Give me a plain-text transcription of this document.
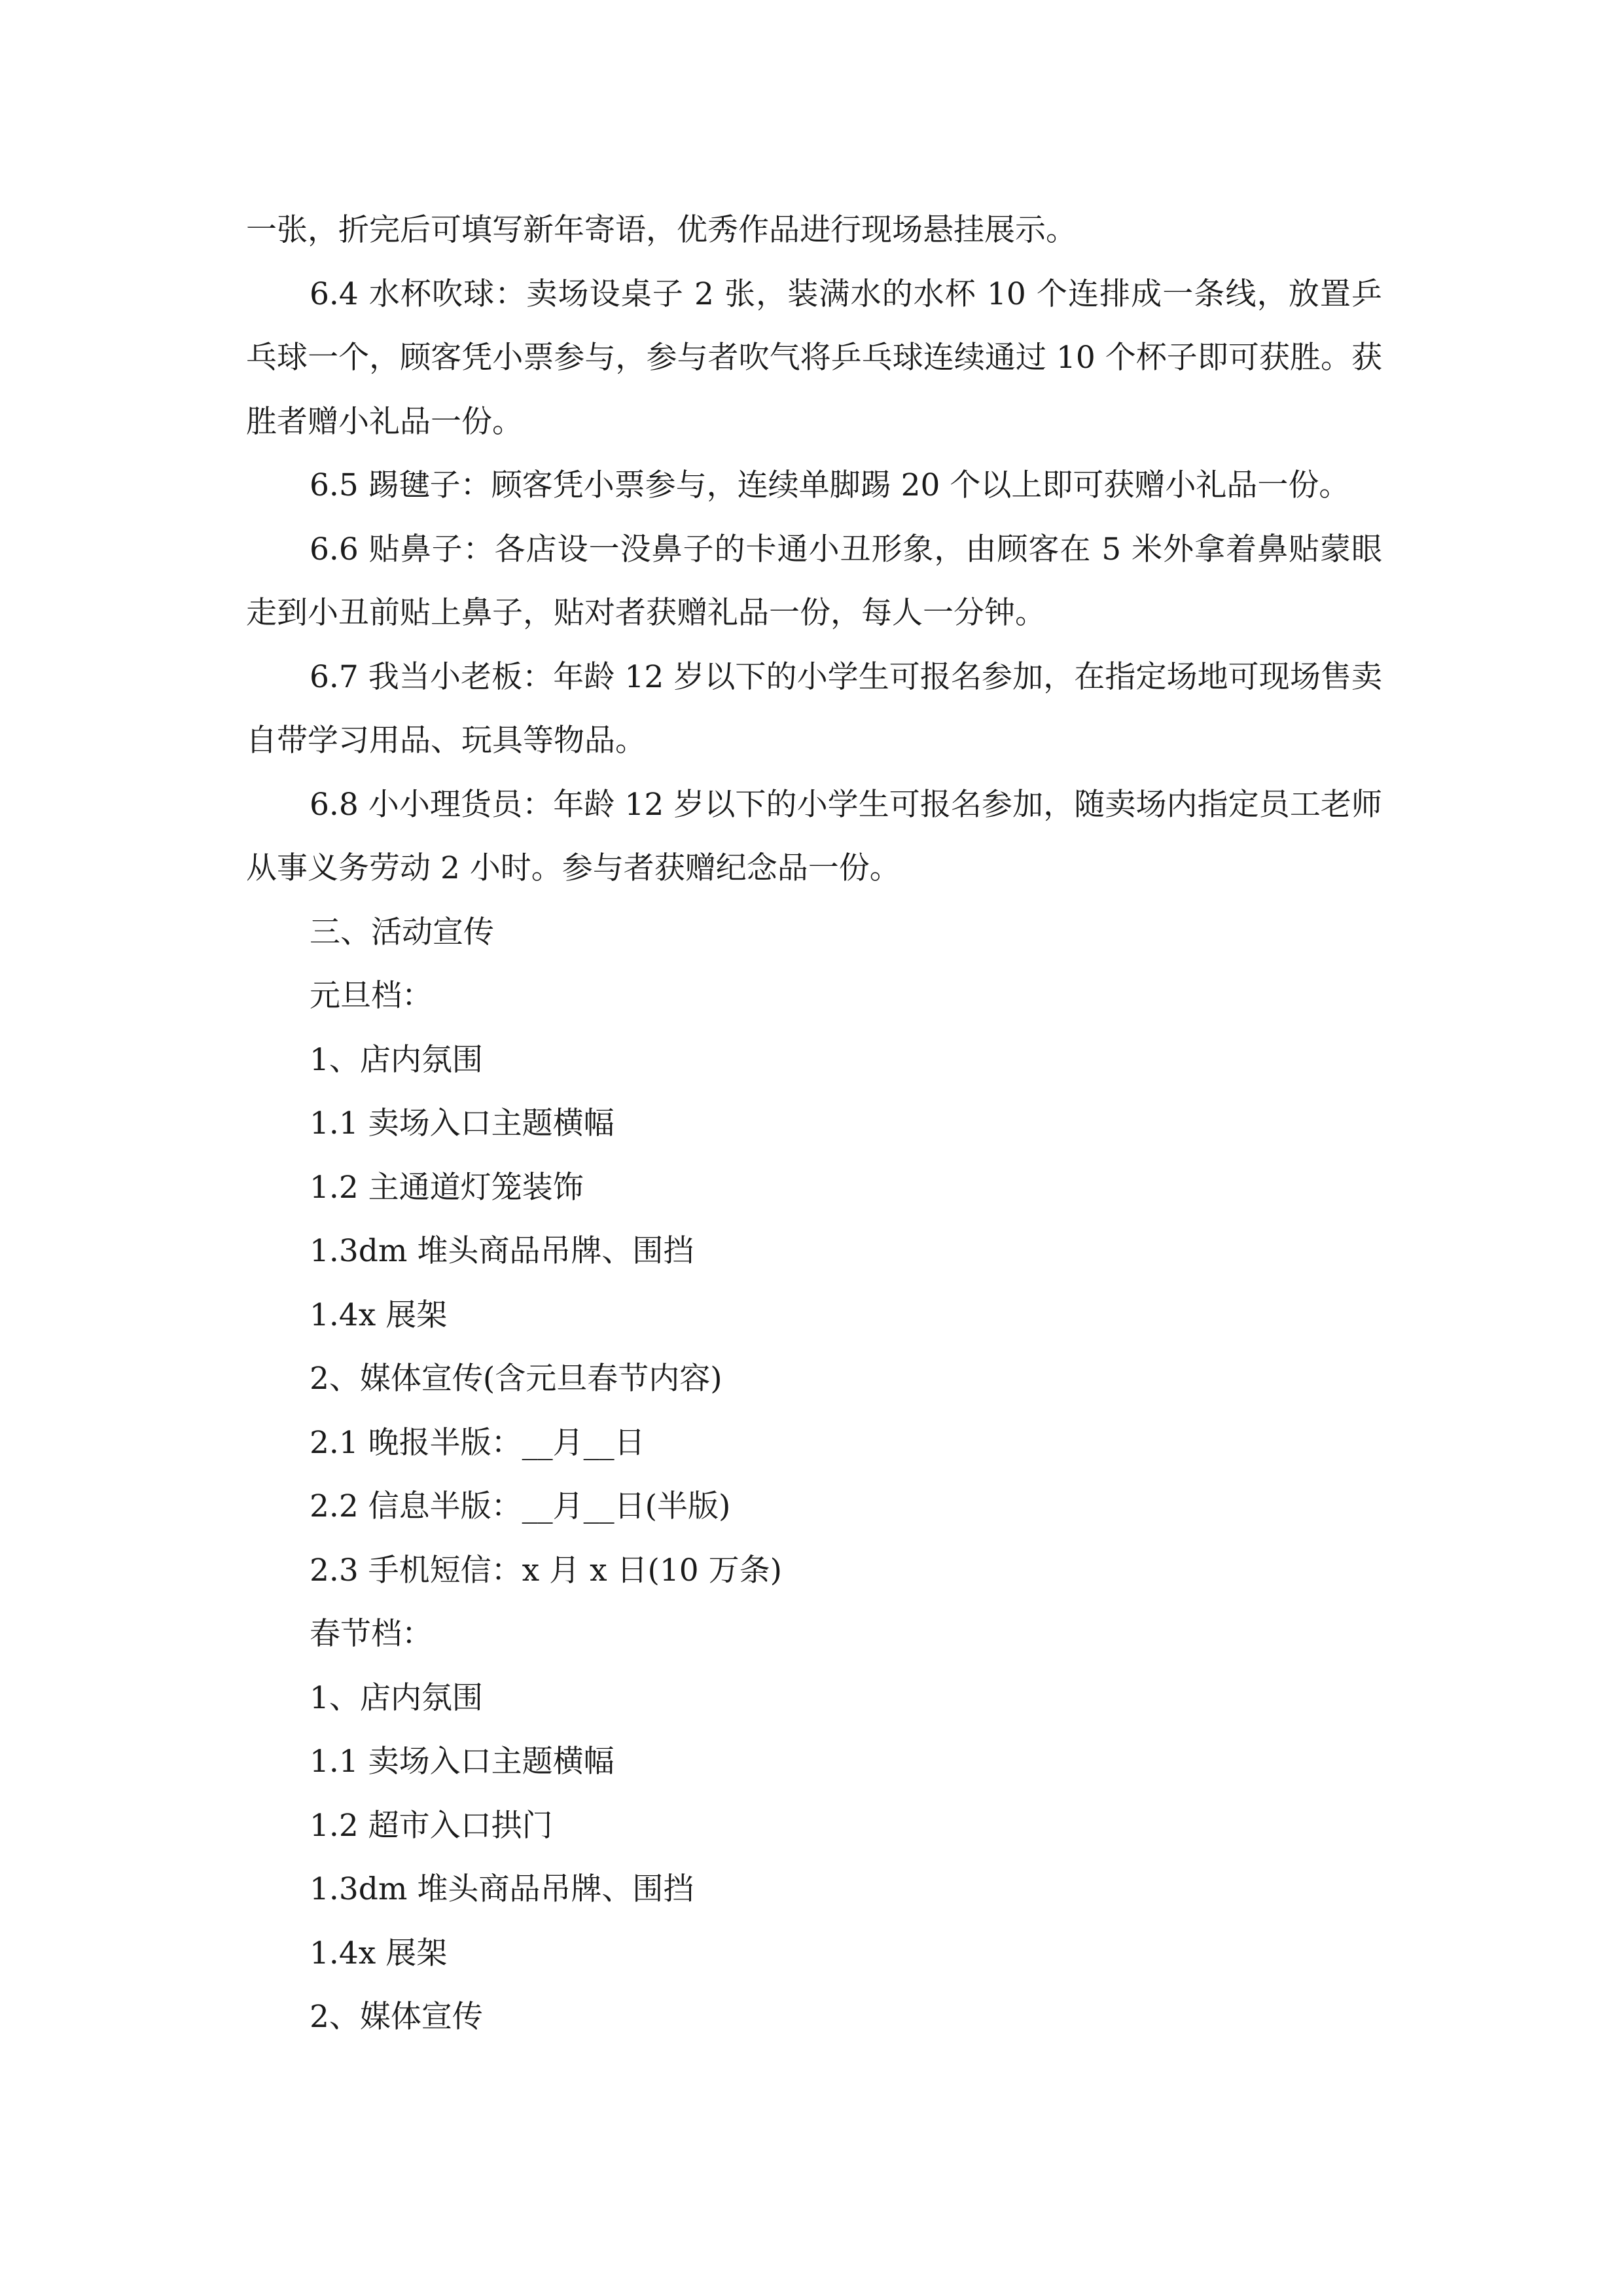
一张，折完后可填写新年寄语，优秀作品进行现场悬挂展示。

6.4 水杯吹球：卖场设桌子 2 张，装满水的水杯 10 个连排成一条线，放置乒乓球一个，顾客凭小票参与，参与者吹气将乒乓球连续通过 10 个杯子即可获胜。获胜者赠小礼品一份。

6.5 踢毽子：顾客凭小票参与，连续单脚踢 20 个以上即可获赠小礼品一份。

6.6 贴鼻子：各店设一没鼻子的卡通小丑形象，由顾客在 5 米外拿着鼻贴蒙眼走到小丑前贴上鼻子，贴对者获赠礼品一份，每人一分钟。

6.7 我当小老板：年龄 12 岁以下的小学生可报名参加，在指定场地可现场售卖自带学习用品、玩具等物品。

6.8 小小理货员：年龄 12 岁以下的小学生可报名参加，随卖场内指定员工老师从事义务劳动 2 小时。参与者获赠纪念品一份。

三、活动宣传

元旦档：

1、店内氛围

1.1 卖场入口主题横幅

1.2 主通道灯笼装饰

1.3dm 堆头商品吊牌、围挡

1.4x 展架

2、媒体宣传(含元旦春节内容)

2.1 晚报半版：__月__日

2.2 信息半版：__月__日(半版)

2.3 手机短信：x 月 x 日(10 万条)

春节档：

1、店内氛围

1.1 卖场入口主题横幅

1.2 超市入口拱门

1.3dm 堆头商品吊牌、围挡

1.4x 展架

2、媒体宣传
